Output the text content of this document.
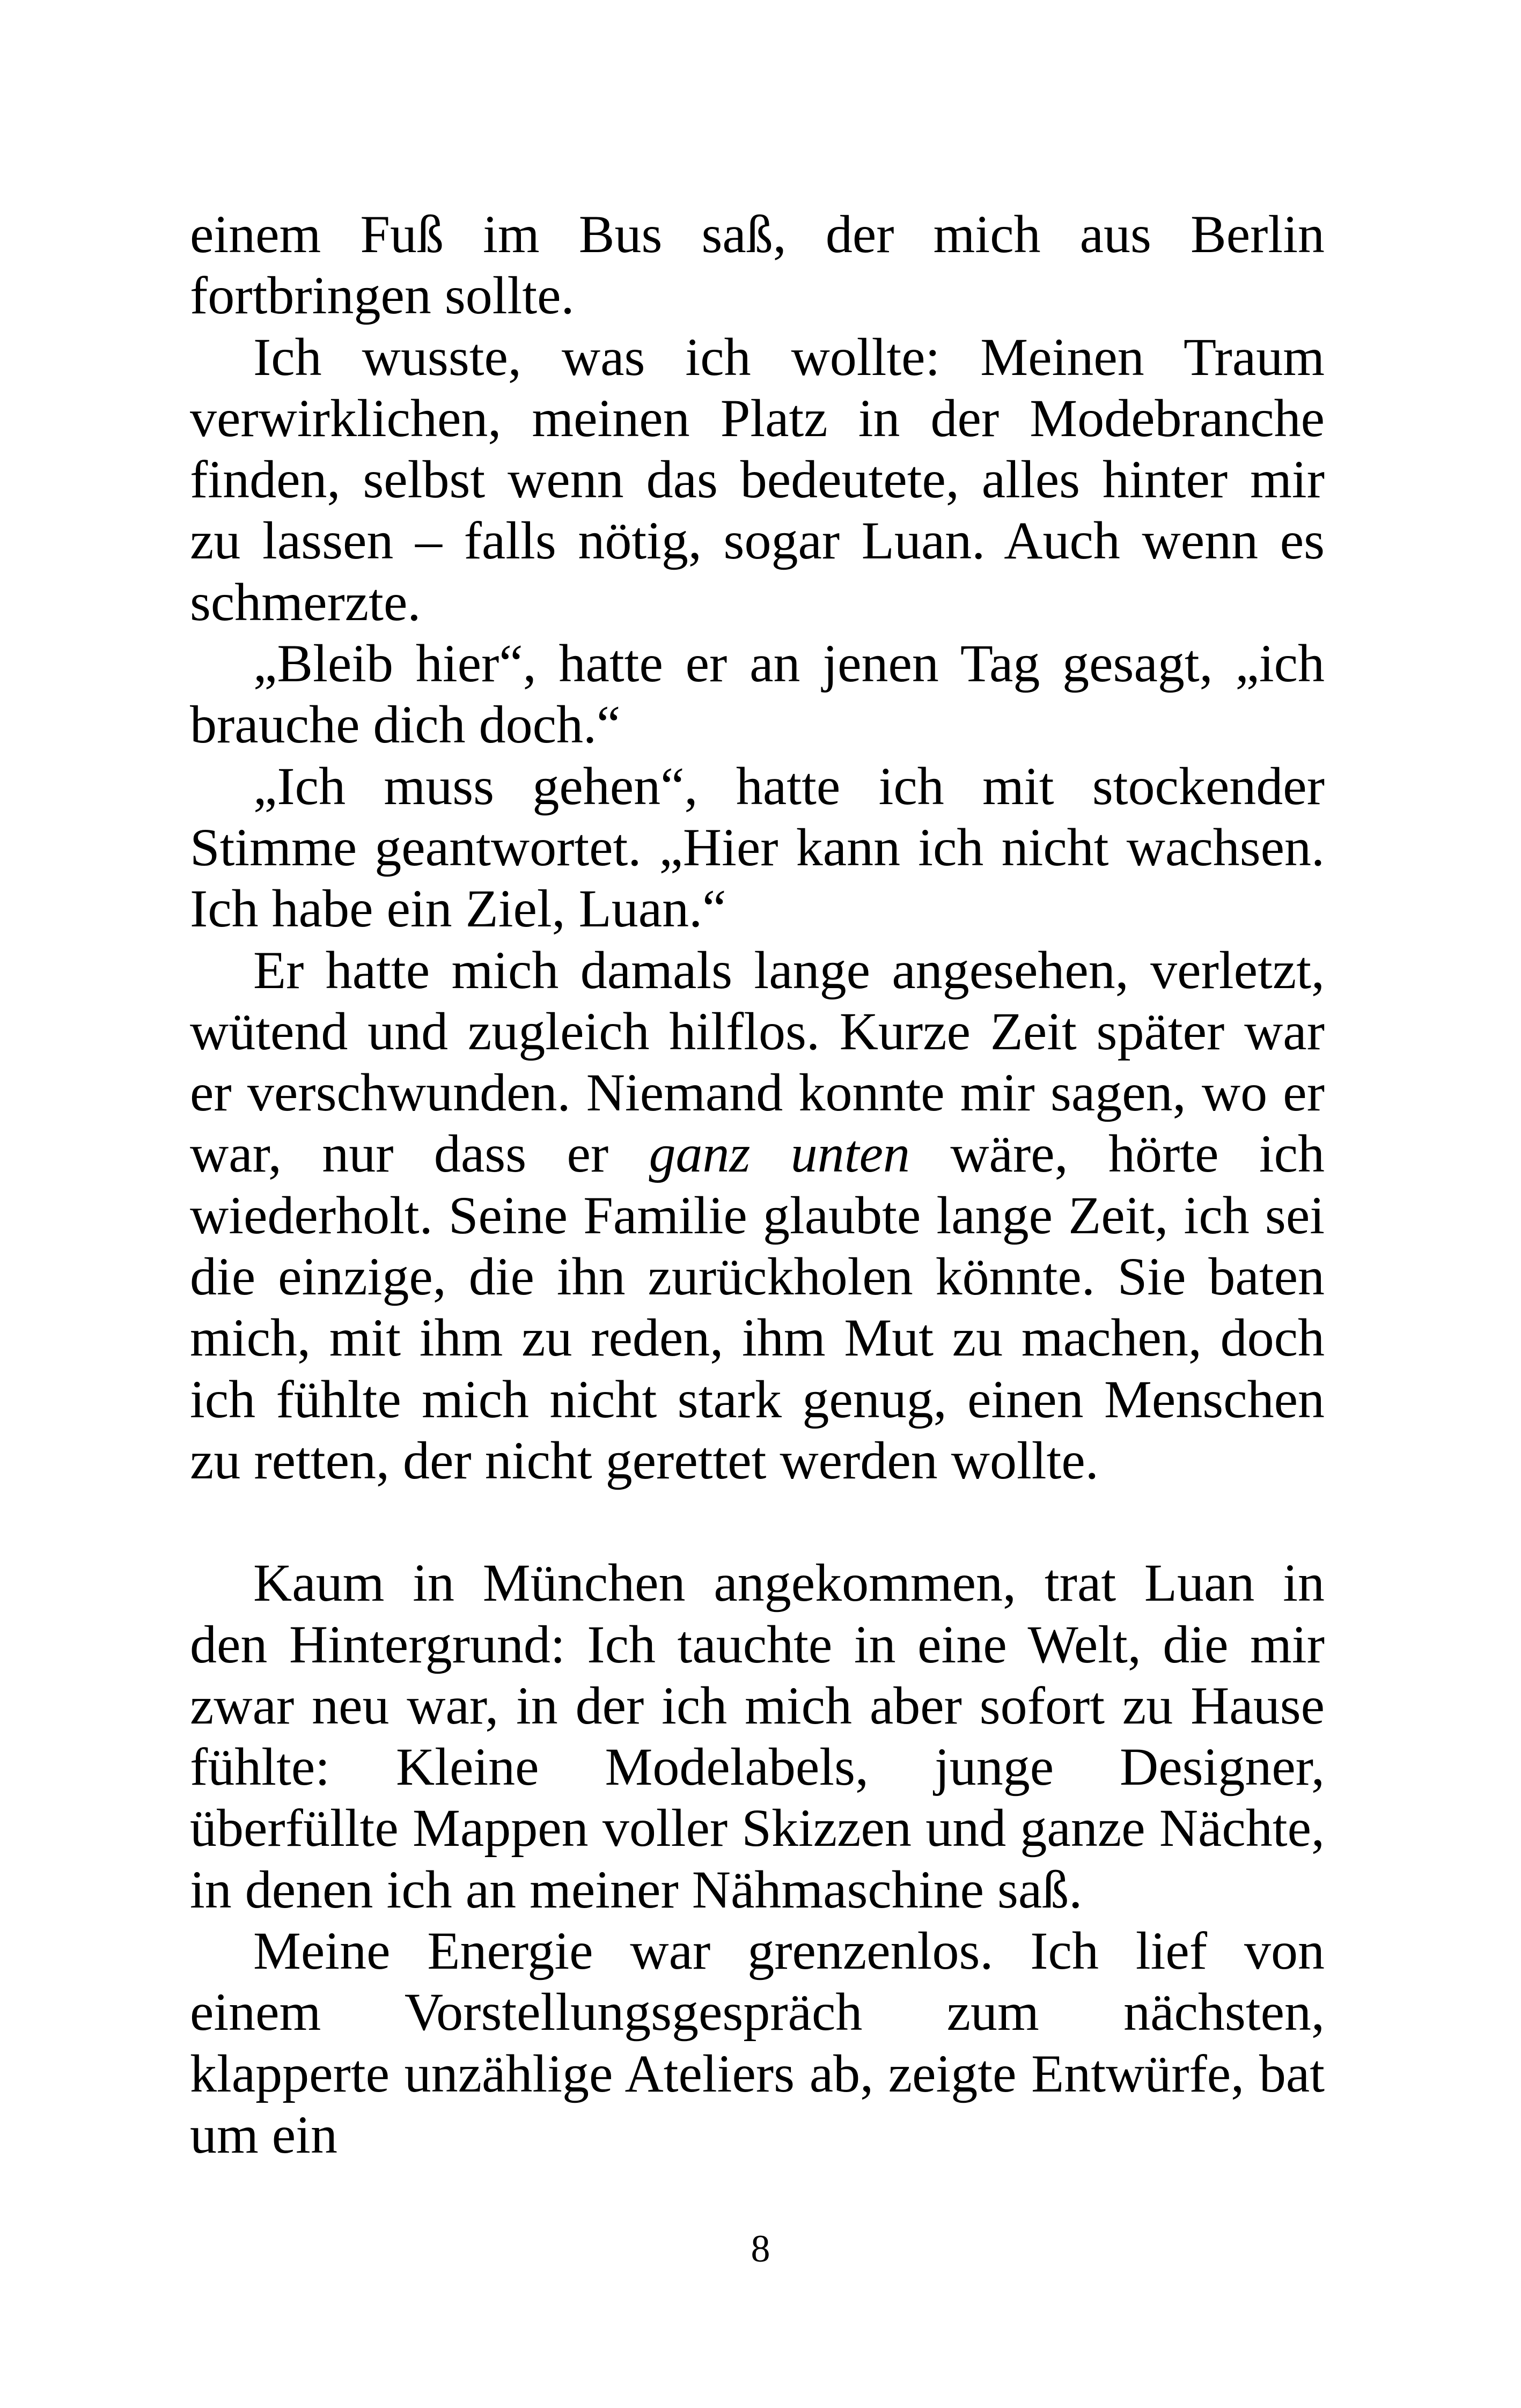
einem Fuß im Bus saß, der mich aus Berlin fortbringen sollte.

Ich wusste, was ich wollte: Meinen Traum verwirklichen, meinen Platz in der Modebranche finden, selbst wenn das bedeutete, alles hinter mir zu lassen – falls nötig, sogar Luan. Auch wenn es schmerzte.

„Bleib hier“, hatte er an jenen Tag gesagt, „ich brauche dich doch.“

„Ich muss gehen“, hatte ich mit stockender Stimme geantwortet. „Hier kann ich nicht wachsen. Ich habe ein Ziel, Luan.“

Er hatte mich damals lange angesehen, verletzt, wütend und zugleich hilflos. Kurze Zeit später war er verschwunden. Niemand konnte mir sagen, wo er war, nur dass er ganz unten wäre, hörte ich wiederholt. Seine Familie glaubte lange Zeit, ich sei die einzige, die ihn zurückholen könnte. Sie baten mich, mit ihm zu reden, ihm Mut zu machen, doch ich fühlte mich nicht stark genug, einen Menschen zu retten, der nicht gerettet werden wollte.

Kaum in München angekommen, trat Luan in den Hintergrund: Ich tauchte in eine Welt, die mir zwar neu war, in der ich mich aber sofort zu Hause fühlte: Kleine Modelabels, junge Designer, überfüllte Mappen voller Skizzen und ganze Nächte, in denen ich an meiner Nähmaschine saß.

Meine Energie war grenzenlos. Ich lief von einem Vorstellungsgespräch zum nächsten, klapperte unzählige Ateliers ab, zeigte Entwürfe, bat um ein

8
